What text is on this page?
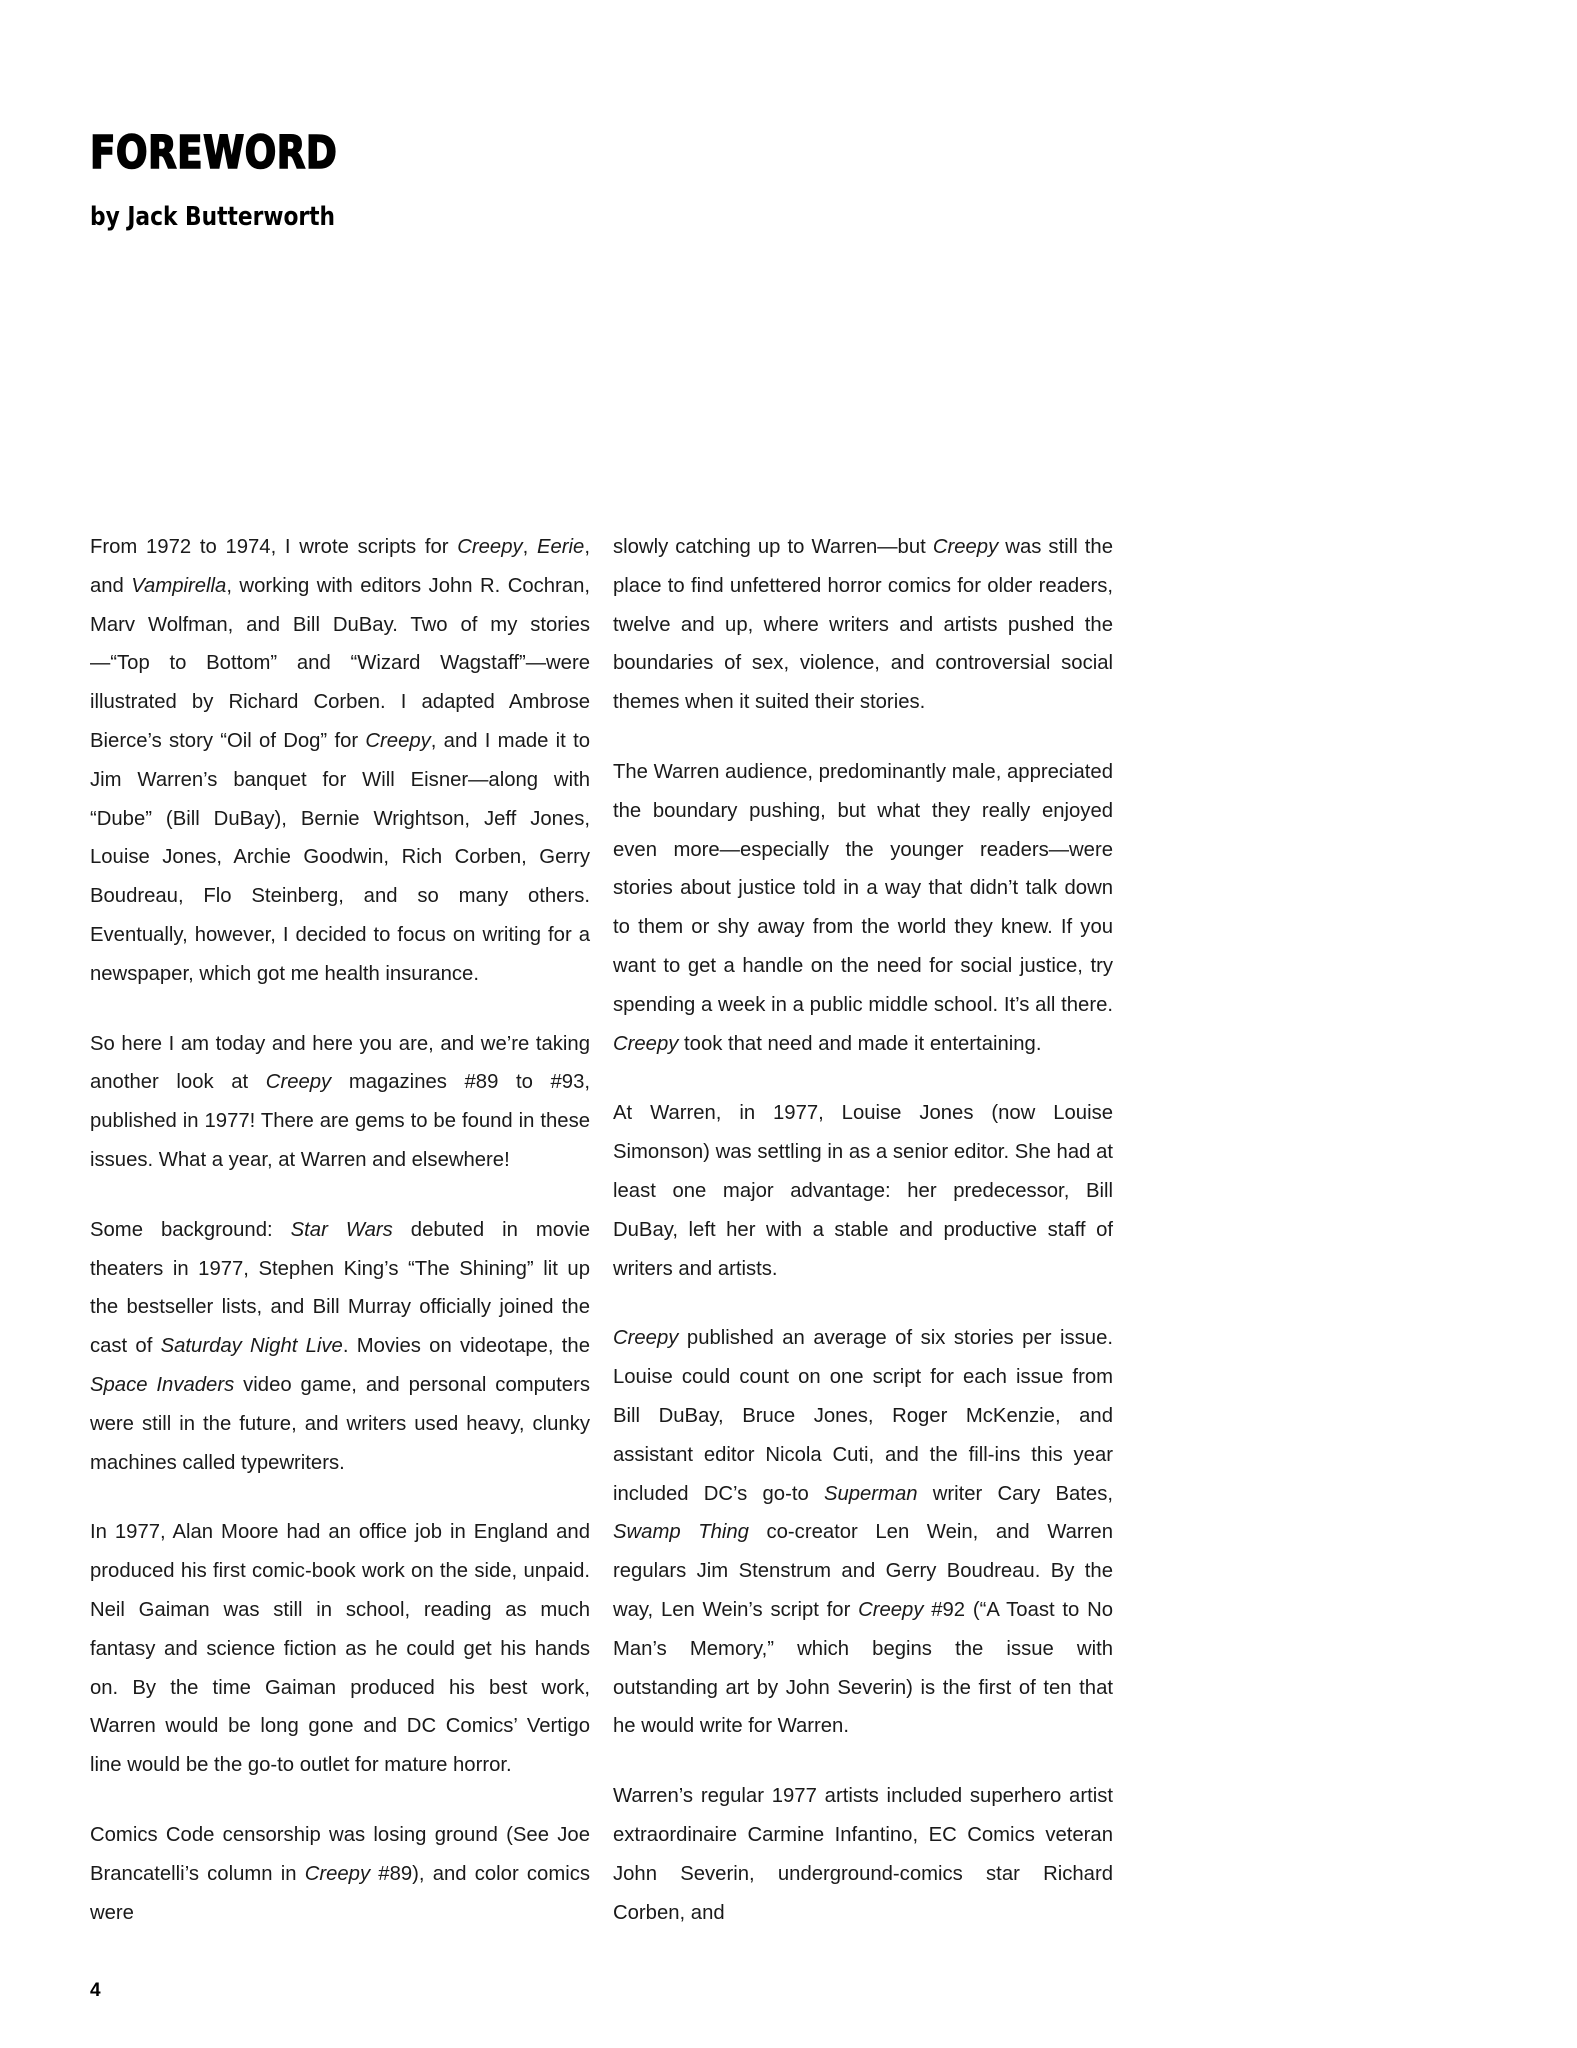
FOREWORD

by Jack Butterworth

From 1972 to 1974, I wrote scripts for Creepy, Eerie, and Vampirella, working with editors John R. Cochran, Marv Wolfman, and Bill DuBay. Two of my stories—“Top to Bottom” and “Wizard Wagstaff”—were illustrated by Richard Corben. I adapted Ambrose Bierce’s story “Oil of Dog” for Creepy, and I made it to Jim Warren’s banquet for Will Eisner—along with “Dube” (Bill DuBay), Bernie Wrightson, Jeff Jones, Louise Jones, Archie Goodwin, Rich Corben, Gerry Boudreau, Flo Steinberg, and so many others. Eventually, however, I decided to focus on writing for a newspaper, which got me health insurance.

So here I am today and here you are, and we’re taking another look at Creepy magazines #89 to #93, published in 1977! There are gems to be found in these issues. What a year, at Warren and elsewhere!

Some background: Star Wars debuted in movie theaters in 1977, Stephen King’s “The Shining” lit up the bestseller lists, and Bill Murray officially joined the cast of Saturday Night Live. Movies on videotape, the Space Invaders video game, and personal computers were still in the future, and writers used heavy, clunky machines called typewriters.

In 1977, Alan Moore had an office job in England and produced his first comic-book work on the side, unpaid. Neil Gaiman was still in school, reading as much fantasy and science fiction as he could get his hands on. By the time Gaiman produced his best work, Warren would be long gone and DC Comics’ Vertigo line would be the go-to outlet for mature horror.

Comics Code censorship was losing ground (See Joe Brancatelli’s column in Creepy #89), and color comics were

slowly catching up to Warren—but Creepy was still the place to find unfettered horror comics for older readers, twelve and up, where writers and artists pushed the boundaries of sex, violence, and controversial social themes when it suited their stories.

The Warren audience, predominantly male, appreciated the boundary pushing, but what they really enjoyed even more—especially the younger readers—were stories about justice told in a way that didn’t talk down to them or shy away from the world they knew. If you want to get a handle on the need for social justice, try spending a week in a public middle school. It’s all there. Creepy took that need and made it entertaining.

At Warren, in 1977, Louise Jones (now Louise Simonson) was settling in as a senior editor. She had at least one major advantage: her predecessor, Bill DuBay, left her with a stable and productive staff of writers and artists.

Creepy published an average of six stories per issue. Louise could count on one script for each issue from Bill DuBay, Bruce Jones, Roger McKenzie, and assistant editor Nicola Cuti, and the fill-ins this year included DC’s go-to Superman writer Cary Bates, Swamp Thing co-creator Len Wein, and Warren regulars Jim Stenstrum and Gerry Boudreau. By the way, Len Wein’s script for Creepy #92 (“A Toast to No Man’s Memory,” which begins the issue with outstanding art by John Severin) is the first of ten that he would write for Warren.

Warren’s regular 1977 artists included superhero artist extraordinaire Carmine Infantino, EC Comics veteran John Severin, underground-comics star Richard Corben, and

4
